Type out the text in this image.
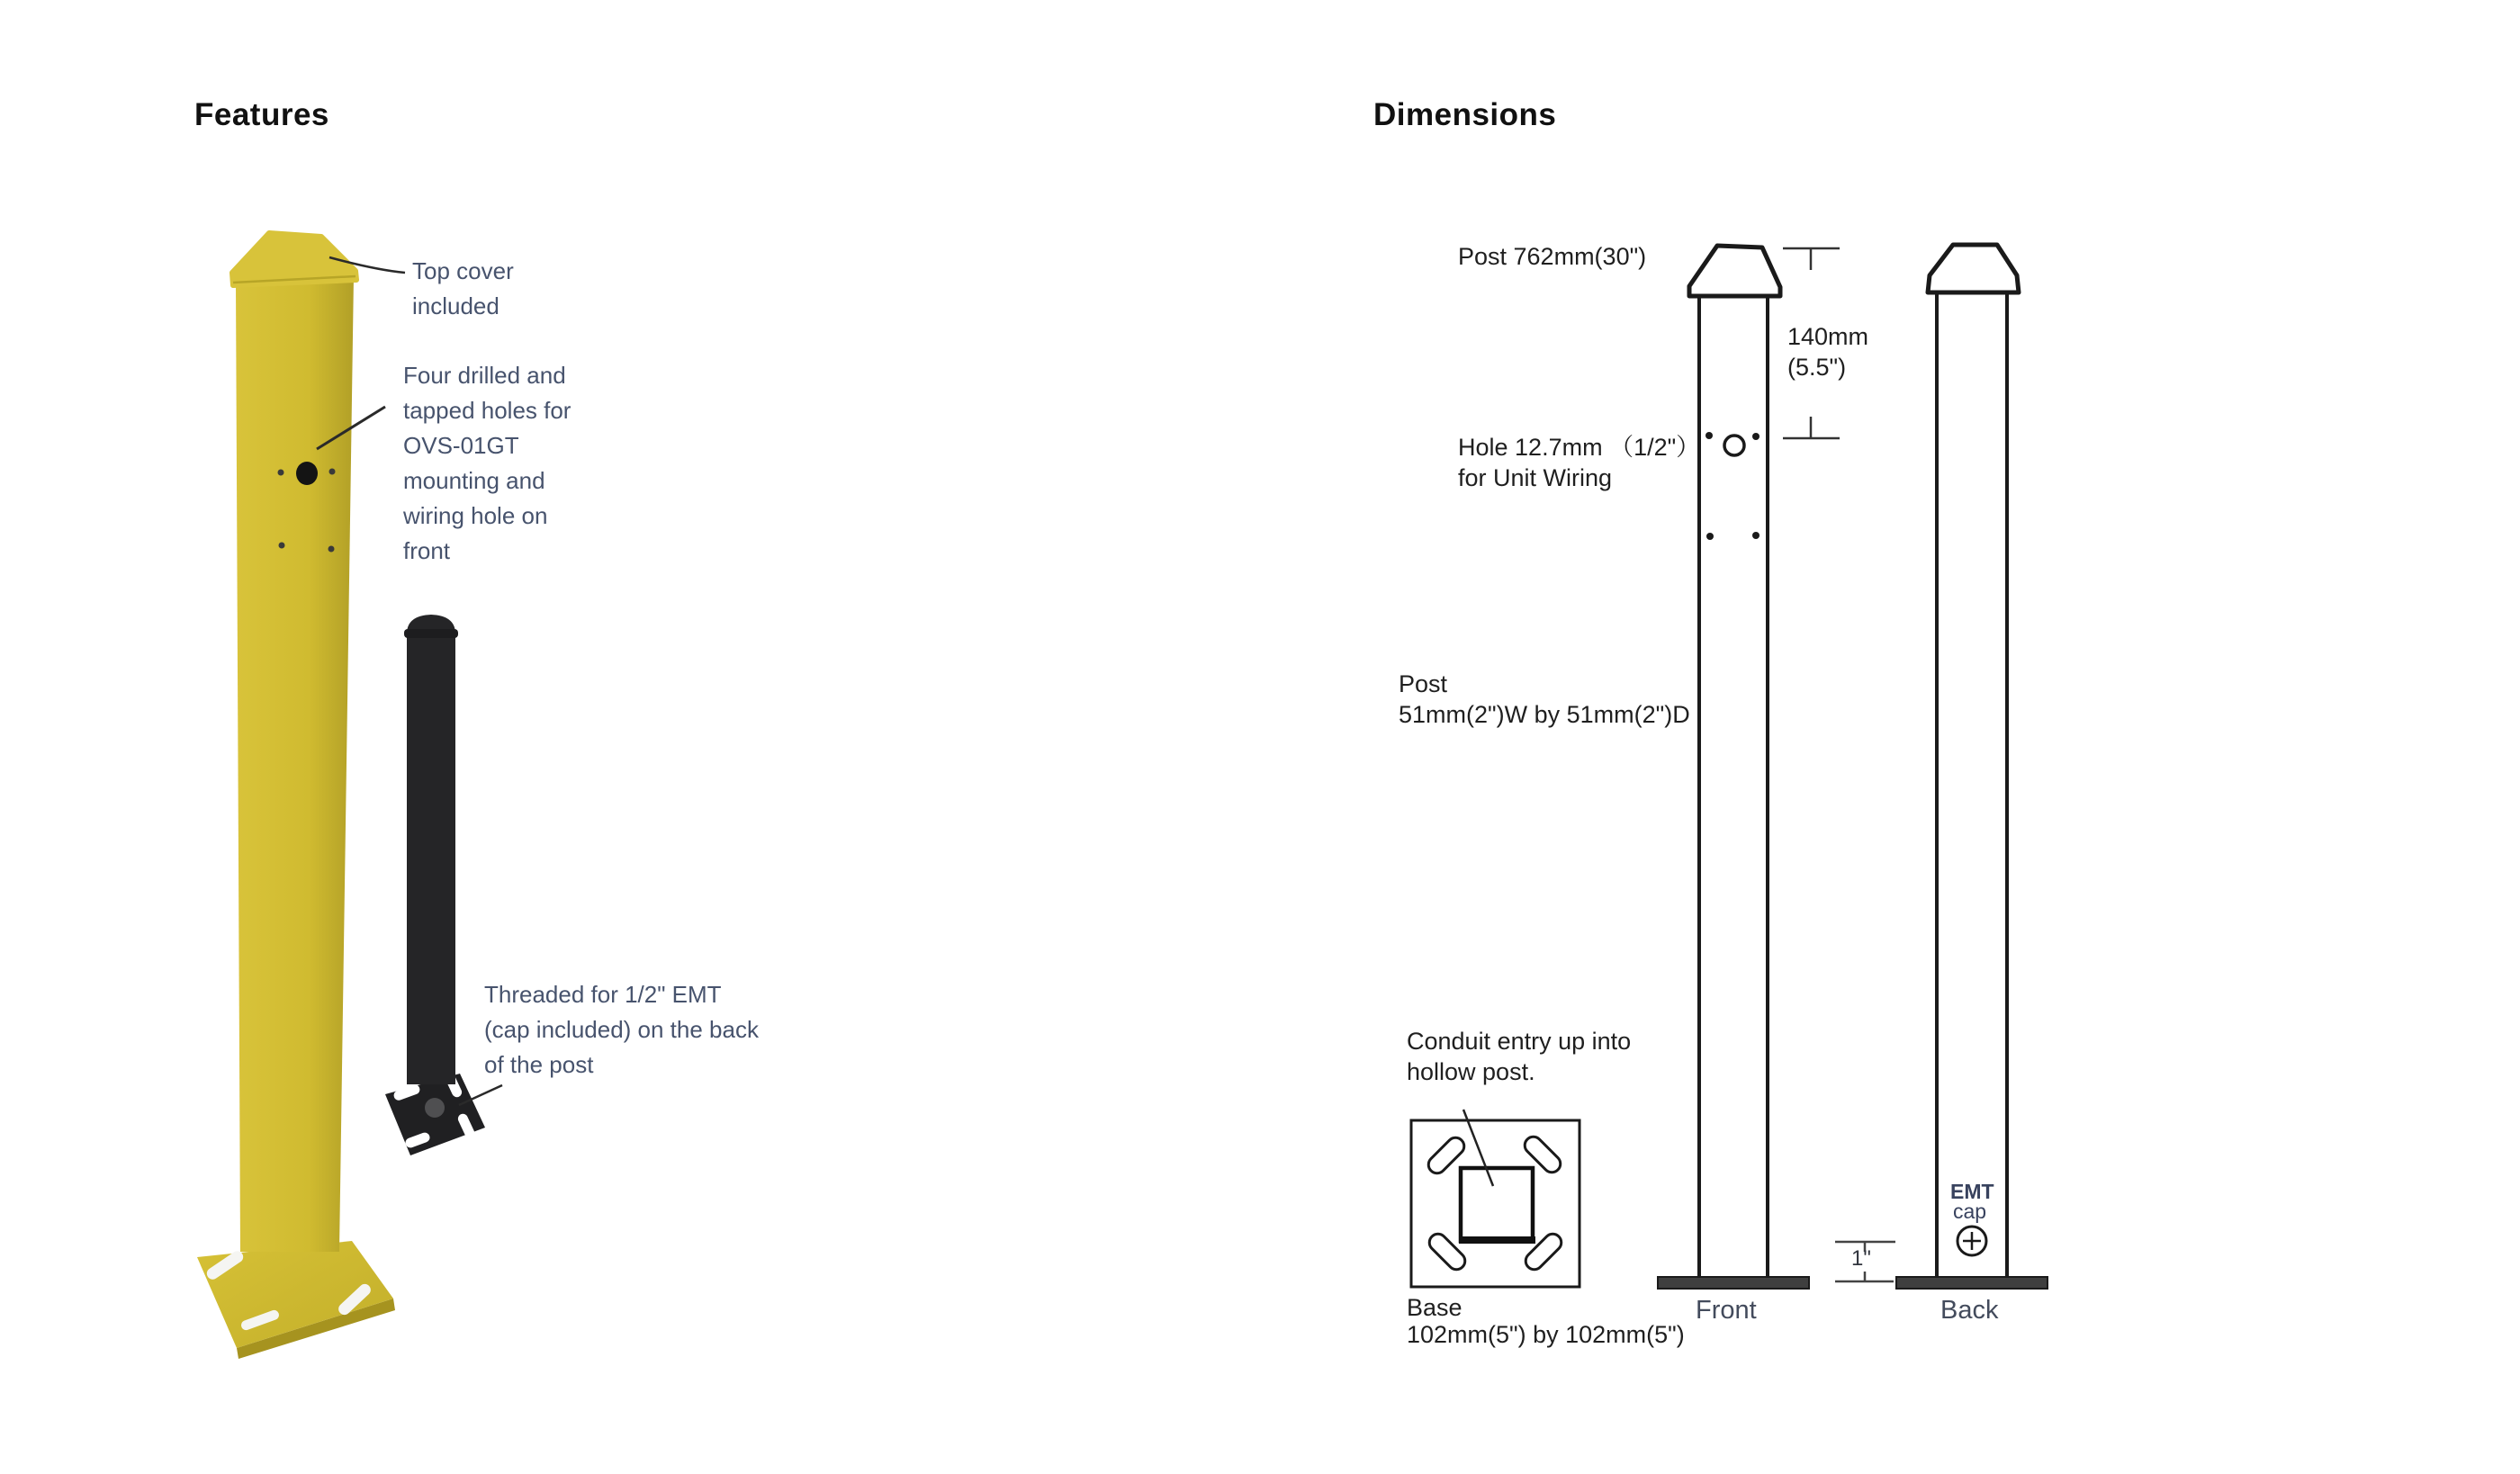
Features
Top cover
included
Four drilled and
tapped holes for
OVS-01GT
mounting and
wiring hole on
front
Threaded for 1/2" EMT
(cap included) on the back
of the post
Dimensions
Post 762mm(30")
140mm
(5.5")
Hole 12.7mm （1/2"）
for Unit Wiring
Post
51mm(2")W by 51mm(2")D
Conduit entry up into
hollow post.
Base
102mm(5") by 102mm(5")
Front	Back
EMT
cap
1"
